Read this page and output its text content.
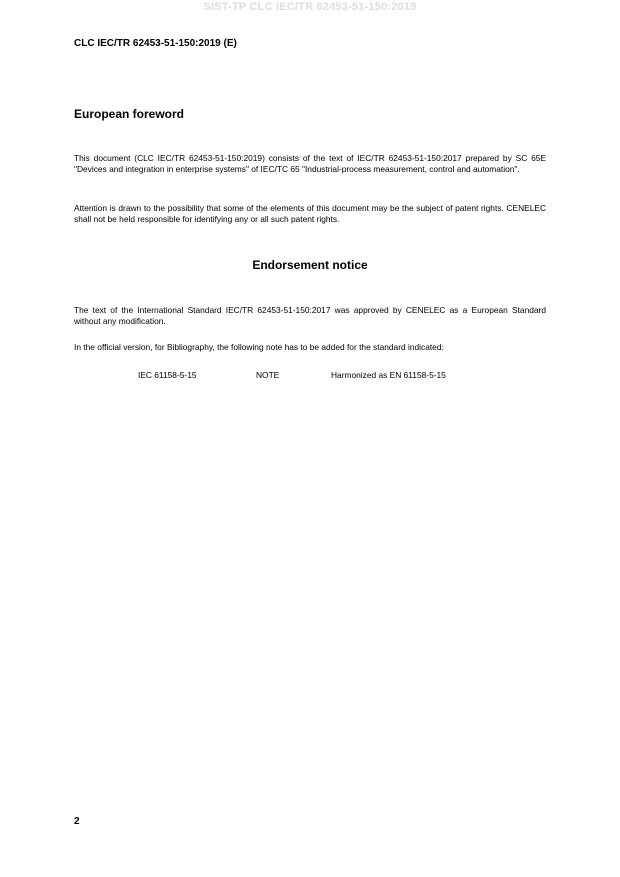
SIST-TP CLC IEC/TR 62453-51-150:2019
CLC IEC/TR 62453-51-150:2019 (E)
European foreword
This document (CLC IEC/TR 62453-51-150:2019) consists of the text of IEC/TR 62453-51-150:2017 prepared by SC 65E "Devices and integration in enterprise systems" of IEC/TC 65 "Industrial-process measurement, control and automation".
Attention is drawn to the possibility that some of the elements of this document may be the subject of patent rights. CENELEC shall not be held responsible for identifying any or all such patent rights.
Endorsement notice
The text of the International Standard IEC/TR 62453-51-150:2017 was approved by CENELEC as a European Standard without any modification.
In the official version, for Bibliography, the following note has to be added for the standard indicated:
IEC 61158-5-15	NOTE	Harmonized as EN 61158-5-15
2
